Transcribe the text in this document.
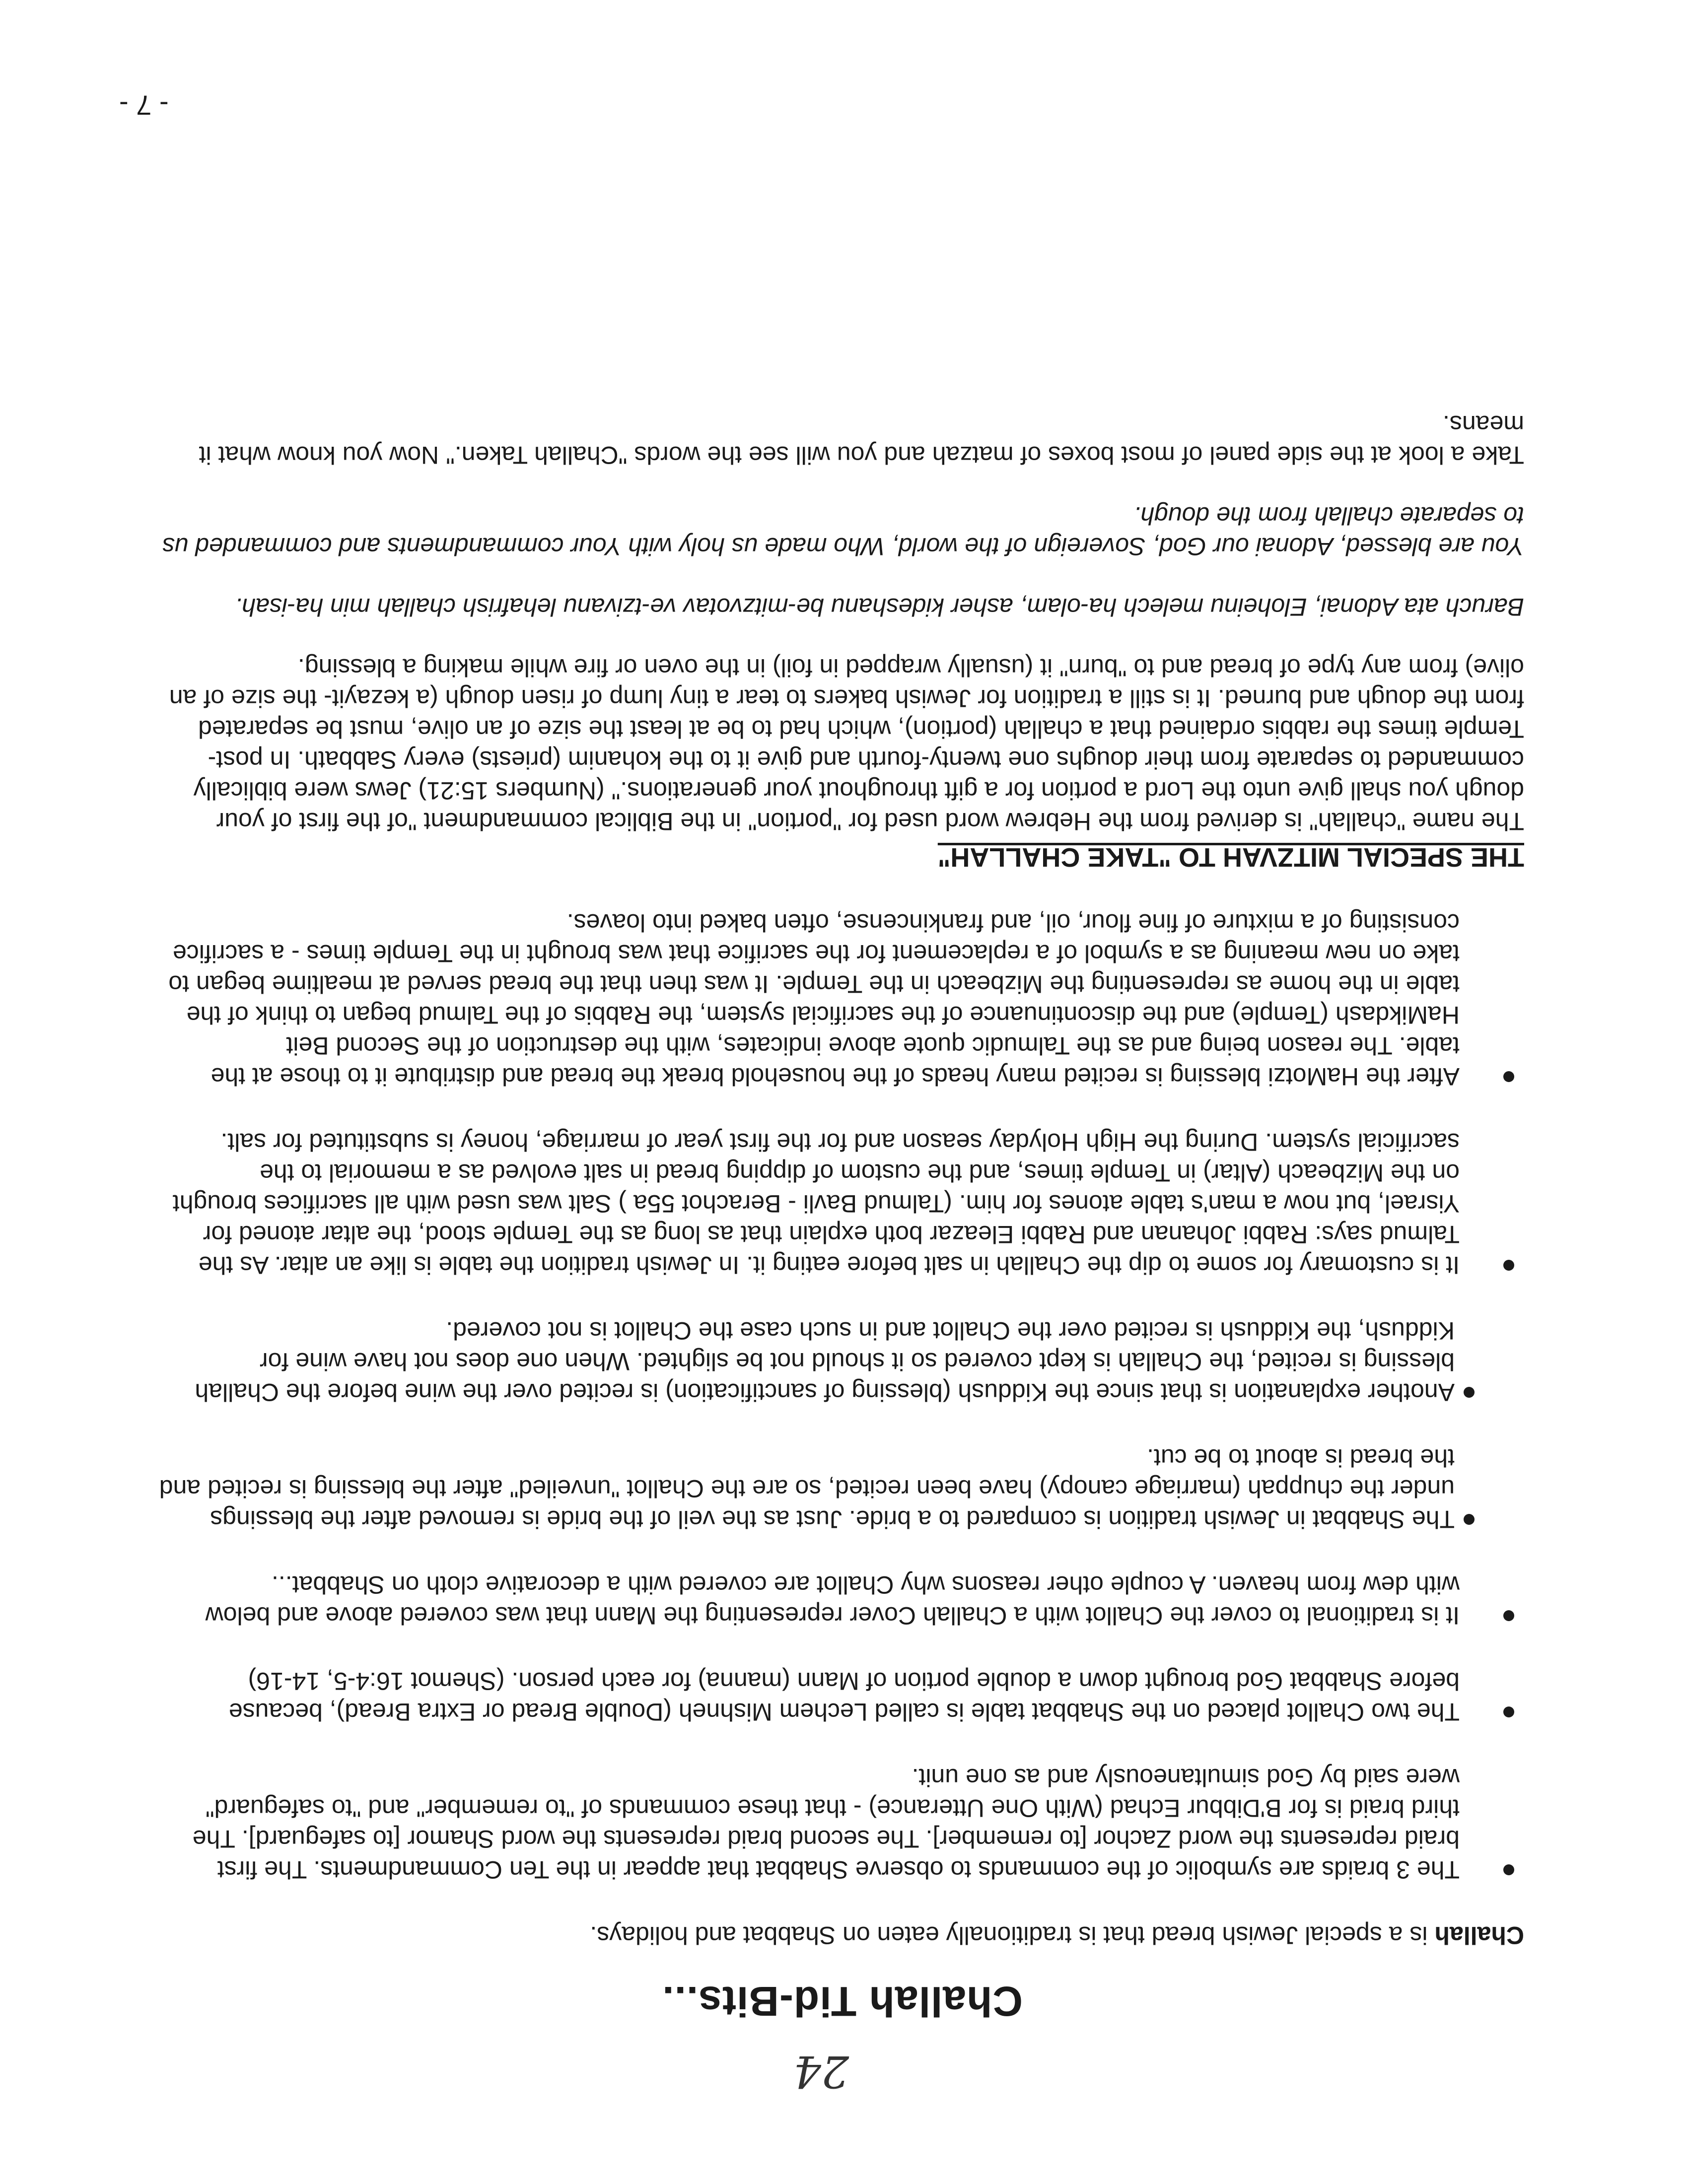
24
Challah Tid-Bits...

Challah is a special Jewish bread that is traditionally eaten on Shabbat and holidays.

The 3 braids are symbolic of the commands to observe Shabbat that appear in the Ten Commandments. The first braid represents the word Zachor [to remember]. The second braid represents the word Shamor [to safeguard]. The third braid is for B'Dibbur Echad (With One Utterance) - that these commands of "to remember" and "to safeguard" were said by God simultaneously and as one unit.
The two Challot placed on the Shabbat table is called Lechem Mishneh (Double Bread or Extra Bread), because before Shabbat God brought down a double portion of Mann (manna) for each person. (Shemot 16:4-5, 14-16)
It is traditional to cover the Challot with a Challah Cover representing the Mann that was covered above and below with dew from heaven. A couple other reasons why Challot are covered with a decorative cloth on Shabbat...
The Shabbat in Jewish tradition is compared to a bride. Just as the veil of the bride is removed after the blessings under the chuppah (marriage canopy) have been recited, so are the Challot "unveiled" after the blessing is recited and the bread is about to be cut.
Another explanation is that since the Kiddush (blessing of sanctification) is recited over the wine before the Challah blessing is recited, the Challah is kept covered so it should not be slighted. When one does not have wine for Kiddush, the Kiddush is recited over the Challot and in such case the Challot is not covered.
It is customary for some to dip the Challah in salt before eating it. In Jewish tradition the table is like an altar. As the Talmud says: Rabbi Johanan and Rabbi Eleazar both explain that as long as the Temple stood, the altar atoned for Yisrael, but now a man's table atones for him. (Talmud Bavli - Berachot 55a ) Salt was used with all sacrifices brought on the Mizbeach (Altar) in Temple times, and the custom of dipping bread in salt evolved as a memorial to the sacrificial system. During the High Holyday season and for the first year of marriage, honey is substituted for salt.
After the HaMotzi blessing is recited many heads of the household break the bread and distribute it to those at the table. The reason being and as the Talmudic quote above indicates, with the destruction of the Second Beit HaMikdash (Temple) and the discontinuance of the sacrificial system, the Rabbis of the Talmud began to think of the table in the home as representing the Mizbeach in the Temple. It was then that the bread served at mealtime began to take on new meaning as a symbol of a replacement for the sacrifice that was brought in the Temple times - a sacrifice consisting of a mixture of fine flour, oil, and frankincense, often baked into loaves.
THE SPECIAL MITZVAH TO "TAKE CHALLAH"

The name "challah" is derived from the Hebrew word used for "portion" in the Biblical commandment "of the first of your dough you shall give unto the Lord a portion for a gift throughout your generations." (Numbers 15:21) Jews were biblically commanded to separate from their doughs one twenty-fourth and give it to the kohanim (priests) every Sabbath. In post-Temple times the rabbis ordained that a challah (portion), which had to be at least the size of an olive, must be separated from the dough and burned. It is still a tradition for Jewish bakers to tear a tiny lump of risen dough (a kezayit- the size of an olive) from any type of bread and to "burn" it (usually wrapped in foil) in the oven or fire while making a blessing.

Baruch ata Adonai, Eloheinu melech ha-olam, asher kideshanu be-mitzvotav ve-tzivanu lehafrish challah min ha-isah.

You are blessed, Adonai our God, Sovereign of the world, Who made us holy with Your commandments and commanded us to separate challah from the dough.

Take a look at the side panel of most boxes of matzah and you will see the words "Challah Taken." Now you know what it means.

- 7 -
